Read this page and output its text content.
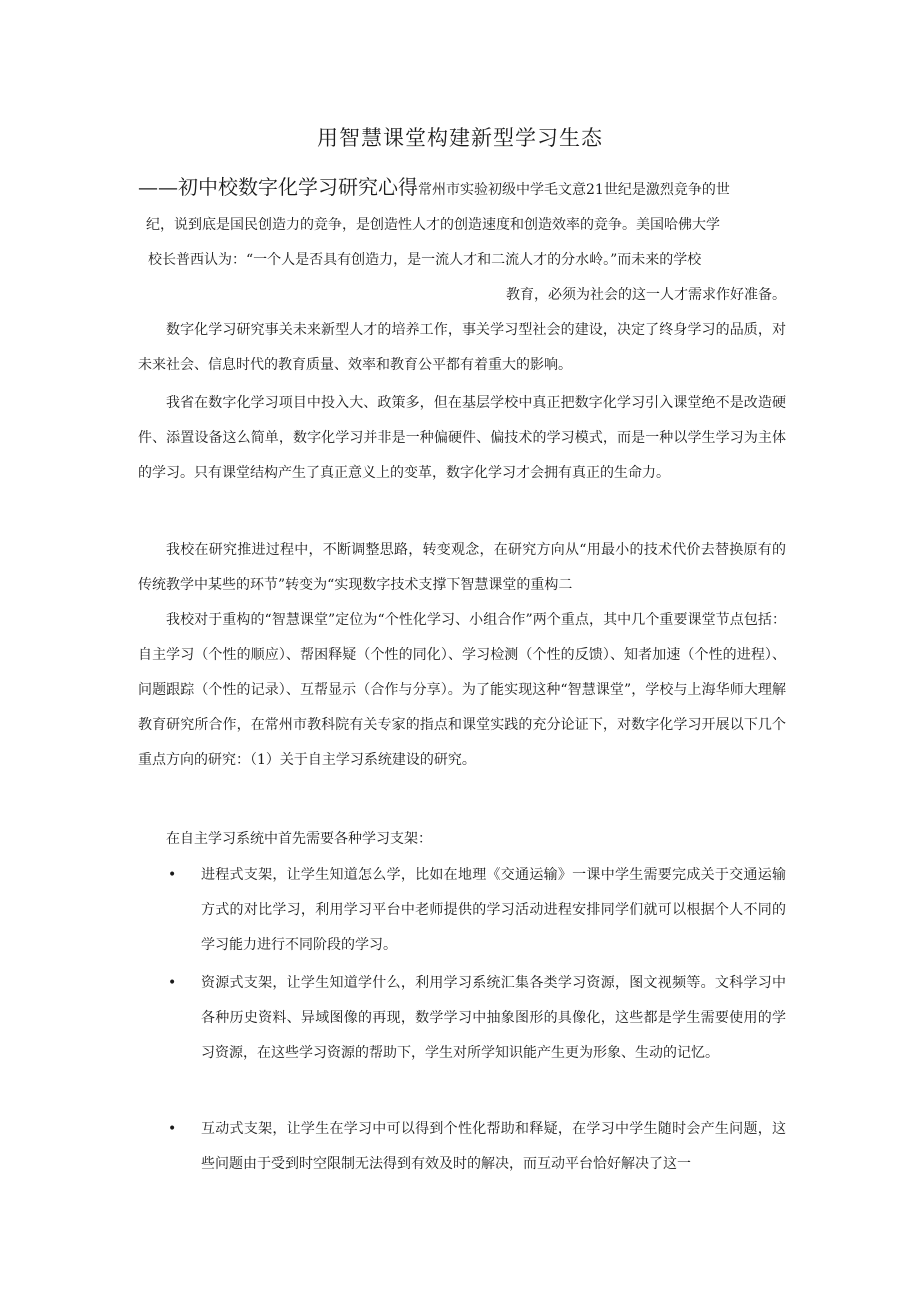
用智慧课堂构建新型学习生态
——初中校数字化学习研究心得常州市实验初级中学毛文意21世纪是激烈竞争的世
纪，说到底是国民创造力的竞争，是创造性人才的创造速度和创造效率的竞争。美国哈佛大学
校长普西认为：“一个人是否具有创造力，是一流人才和二流人才的分水岭。”而未来的学校
教育，必须为社会的这一人才需求作好准备。

数字化学习研究事关未来新型人才的培养工作，事关学习型社会的建设，决定了终身学习的品质，对未来社会、信息时代的教育质量、效率和教育公平都有着重大的影响。

我省在数字化学习项目中投入大、政策多，但在基层学校中真正把数字化学习引入课堂绝不是改造硬件、添置设备这么简单，数字化学习并非是一种偏硬件、偏技术的学习模式，而是一种以学生学习为主体的学习。只有课堂结构产生了真正意义上的变革，数字化学习才会拥有真正的生命力。

我校在研究推进过程中，不断调整思路，转变观念，在研究方向从“用最小的技术代价去替换原有的传统教学中某些的环节”转变为“实现数字技术支撑下智慧课堂的重构二

我校对于重构的“智慧课堂”定位为“个性化学习、小组合作”两个重点，其中几个重要课堂节点包括：自主学习（个性的顺应）、帮困释疑（个性的同化）、学习检测（个性的反馈）、知者加速（个性的进程）、问题跟踪（个性的记录）、互帮显示（合作与分享）。为了能实现这种“智慧课堂”，学校与上海华师大理解教育研究所合作，在常州市教科院有关专家的指点和课堂实践的充分论证下，对数字化学习开展以下几个重点方向的研究：（1）关于自主学习系统建设的研究。

在自主学习系统中首先需要各种学习支架：

• 进程式支架，让学生知道怎么学，比如在地理《交通运输》一课中学生需要完成关于交通运输方式的对比学习，利用学习平台中老师提供的学习活动进程安排同学们就可以根据个人不同的学习能力进行不同阶段的学习。
• 资源式支架，让学生知道学什么，利用学习系统汇集各类学习资源，图文视频等。文科学习中各种历史资料、异域图像的再现，数学学习中抽象图形的具像化，这些都是学生需要使用的学习资源，在这些学习资源的帮助下，学生对所学知识能产生更为形象、生动的记忆。
• 互动式支架，让学生在学习中可以得到个性化帮助和释疑，在学习中学生随时会产生问题，这些问题由于受到时空限制无法得到有效及时的解决，而互动平台恰好解决了这一
